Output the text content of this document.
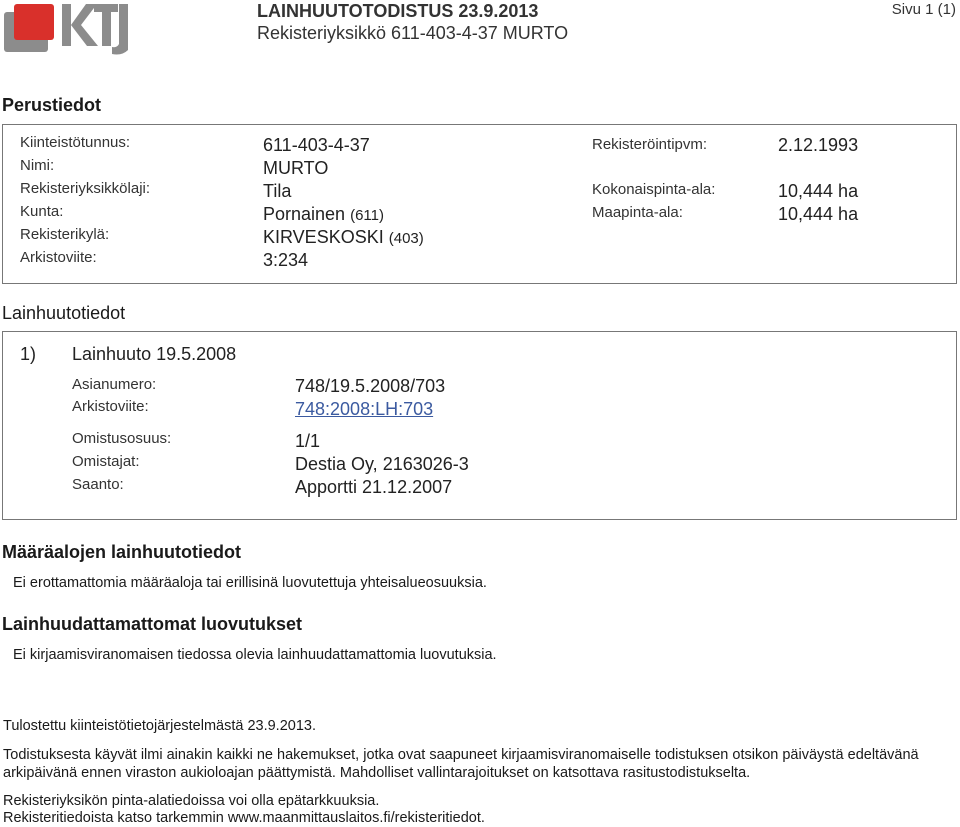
LAINHUUTOTODISTUS 23.9.2013
Rekisteriyksikkö 611-403-4-37 MURTO
Sivu 1 (1)
Perustiedot
Kiinteistötunnus:
Nimi:
Rekisteriyksikkölaji:
Kunta:
Rekisterikylä:
Arkistoviite:
611-403-4-37
MURTO
Tila
Pornainen (611)
KIRVESKOSKI (403)
3:234
Rekisteröintipvm:
Kokonaispinta-ala:
Maapinta-ala:
2.12.1993
10,444 ha
10,444 ha
Lainhuutotiedot
1) Lainhuuto 19.5.2008
Asianumero:
Arkistoviite:
Omistusosuus:
Omistajat:
Saanto:
748/19.5.2008/703
748:2008:LH:703
1/1
Destia Oy, 2163026-3
Apportti 21.12.2007
Määräalojen lainhuutotiedot
Ei erottamattomia määräaloja tai erillisinä luovutettuja yhteisalueosuuksia.
Lainhuudattamattomat luovutukset
Ei kirjaamisviranomaisen tiedossa olevia lainhuudattamattomia luovutuksia.
Tulostettu kiinteistötietojärjestelmästä 23.9.2013.
Todistuksesta käyvät ilmi ainakin kaikki ne hakemukset, jotka ovat saapuneet kirjaamisviranomaiselle todistuksen otsikon päiväystä edeltävänä
arkipäivänä ennen viraston aukioloajan päättymistä. Mahdolliset vallintarajoitukset on katsottava rasitustodistukselta.
Rekisteriyksikön pinta-alatiedoissa voi olla epätarkkuuksia.
Rekisteritiedoista katso tarkemmin www.maanmittauslaitos.fi/rekisteritiedot.
